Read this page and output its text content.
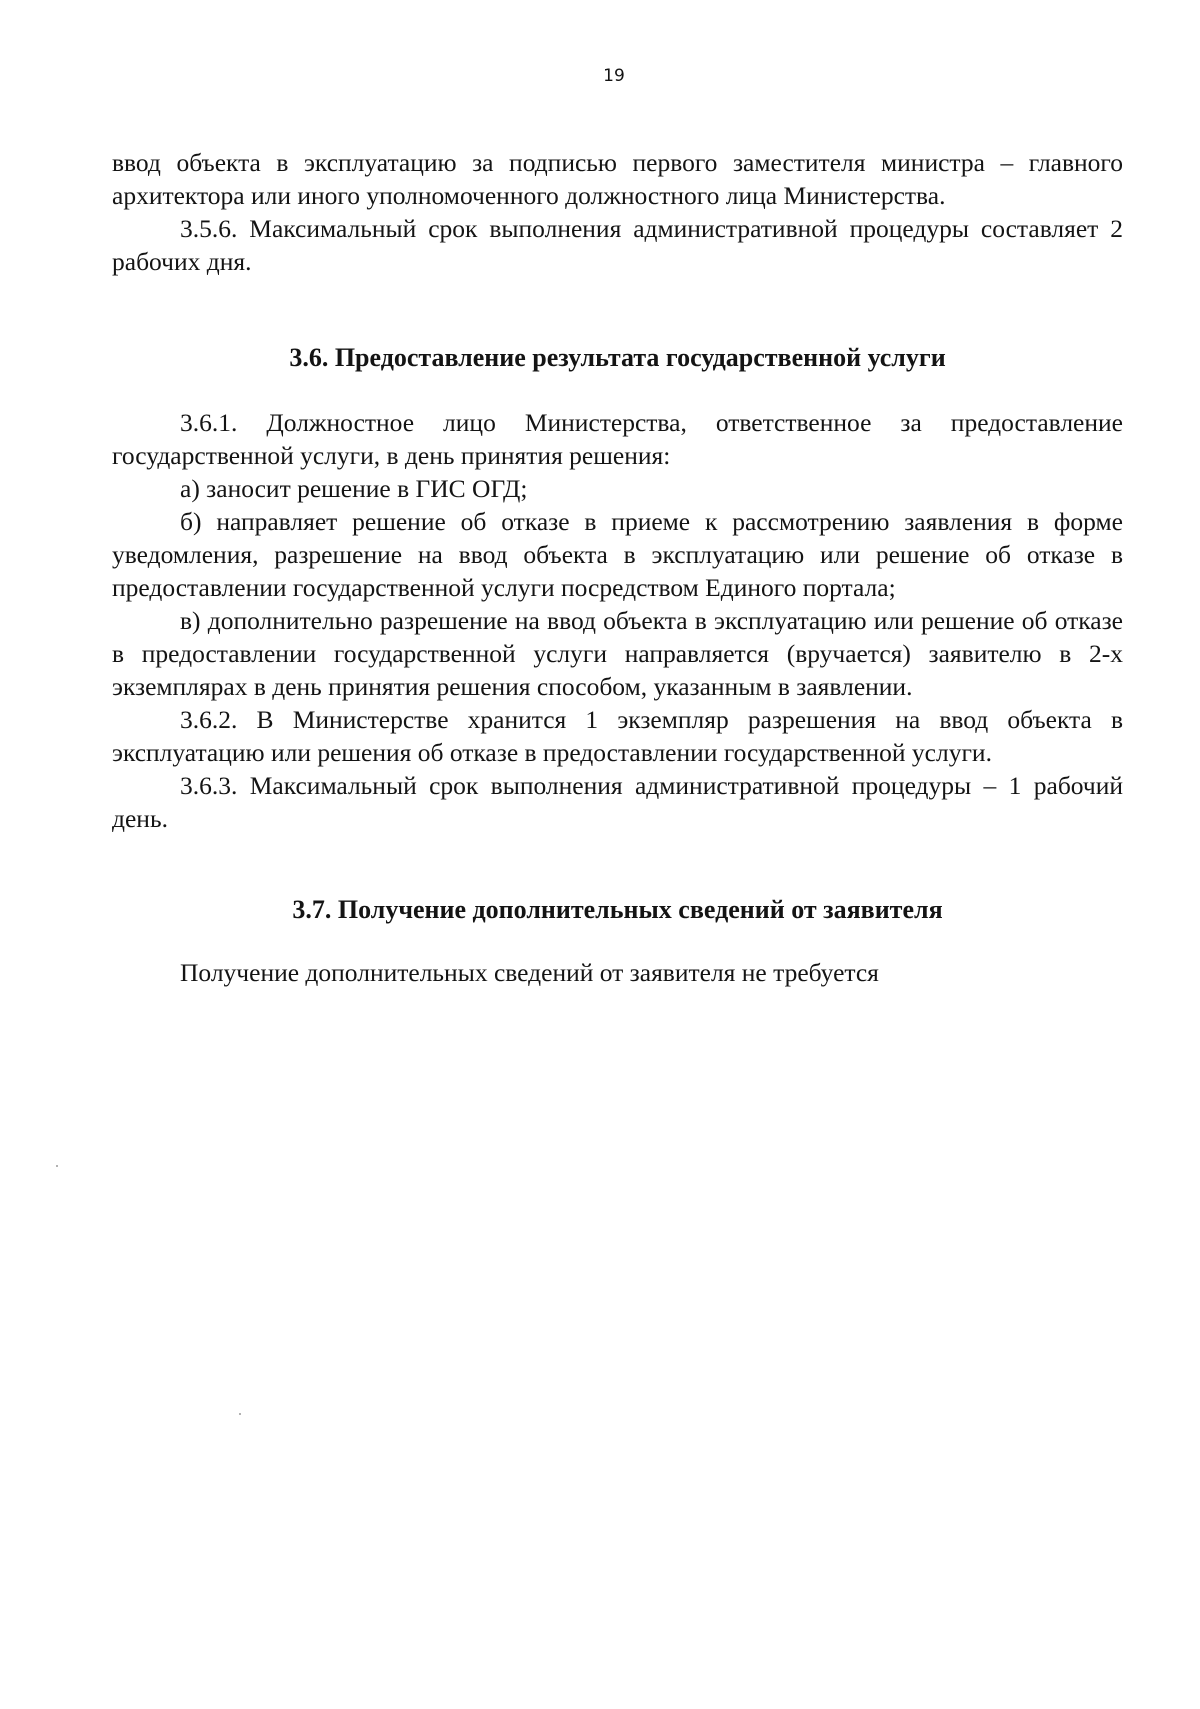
19

ввод объекта в эксплуатацию за подписью первого заместителя министра – главного архитектора или иного уполномоченного должностного лица Министерства.

3.5.6. Максимальный срок выполнения административной процедуры составляет 2 рабочих дня.

3.6. Предоставление результата государственной услуги

3.6.1. Должностное лицо Министерства, ответственное за предоставление государственной услуги, в день принятия решения:

а) заносит решение в ГИС ОГД;

б) направляет решение об отказе в приеме к рассмотрению заявления в форме уведомления, разрешение на ввод объекта в эксплуатацию или решение об отказе в предоставлении государственной услуги посредством Единого портала;

в) дополнительно разрешение на ввод объекта в эксплуатацию или решение об отказе в предоставлении государственной услуги направляется (вручается) заявителю в 2-х экземплярах в день принятия решения способом, указанным в заявлении.

3.6.2. В Министерстве хранится 1 экземпляр разрешения на ввод объекта в эксплуатацию или решения об отказе в предоставлении государственной услуги.

3.6.3. Максимальный срок выполнения административной процедуры – 1 рабочий день.

3.7. Получение дополнительных сведений от заявителя

Получение дополнительных сведений от заявителя не требуется
